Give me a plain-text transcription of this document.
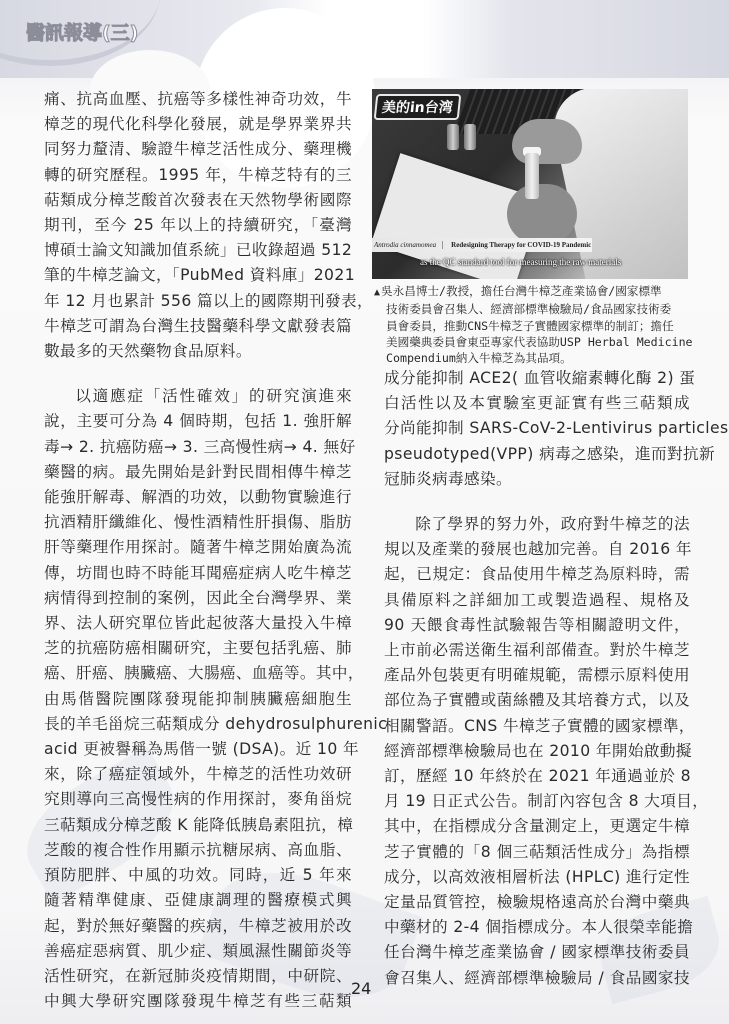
醫訊報導(三)

痛、抗高血壓、抗癌等多樣性神奇功效，牛
樟芝的現代化科學化發展，就是學界業界共
同努力釐清、驗證牛樟芝活性成分、藥理機
轉的研究歷程。1995 年，牛樟芝特有的三
萜類成分樟芝酸首次發表在天然物學術國際
期刊，至今 25 年以上的持續研究，「臺灣
博碩士論文知識加值系統」已收錄超過 512
筆的牛樟芝論文，「PubMed 資料庫」2021
年 12 月也累計 556 篇以上的國際期刊發表，
牛樟芝可謂為台灣生技醫藥科學文獻發表篇
數最多的天然藥物食品原料。

以適應症「活性確效」的研究演進來
說，主要可分為 4 個時期，包括 1. 強肝解
毒→ 2. 抗癌防癌→ 3. 三高慢性病→ 4. 無好
藥醫的病。最先開始是針對民間相傳牛樟芝
能強肝解毒、解酒的功效，以動物實驗進行
抗酒精肝纖維化、慢性酒精性肝損傷、脂肪
肝等藥理作用探討。隨著牛樟芝開始廣為流
傳，坊間也時不時能耳聞癌症病人吃牛樟芝
病情得到控制的案例，因此全台灣學界、業
界、法人研究單位皆此起彼落大量投入牛樟
芝的抗癌防癌相關研究，主要包括乳癌、肺
癌、肝癌、胰臟癌、大腸癌、血癌等。其中，
由馬偕醫院團隊發現能抑制胰臟癌細胞生
長的羊毛甾烷三萜類成分 dehydrosulphurenic
acid 更被譽稱為馬偕一號 (DSA)。近 10 年
來，除了癌症領域外，牛樟芝的活性功效研
究則導向三高慢性病的作用探討，麥角甾烷
三萜類成分樟芝酸 K 能降低胰島素阻抗，樟
芝酸的複合性作用顯示抗糖尿病、高血脂、
預防肥胖、中風的功效。同時，近 5 年來
隨著精準健康、亞健康調理的醫療模式興
起，對於無好藥醫的疾病，牛樟芝被用於改
善癌症惡病質、肌少症、類風濕性關節炎等
活性研究，在新冠肺炎疫情期間，中研院、
中興大學研究團隊發現牛樟芝有些三萜類

美的in台湾
Antrodia cinnamomea Redesigning Therapy for COVID-19 Pandemic
as the QC standard tool for measuring the raw materials
▲吳永昌博士/教授，擔任台灣牛樟芝產業協會/國家標準
技術委員會召集人、經濟部標準檢驗局/食品國家技術委
員會委員，推動CNS牛樟芝子實體國家標準的制訂；擔任
美國藥典委員會東亞專家代表協助USP Herbal Medicine
Compendium納入牛樟芝為其品項。

成分能抑制 ACE2( 血管收縮素轉化酶 2) 蛋
白活性以及本實驗室更証實有些三萜類成
分尚能抑制 SARS-CoV-2-Lentivirus particles
pseudotyped(VPP) 病毒之感染，進而對抗新
冠肺炎病毒感染。

除了學界的努力外，政府對牛樟芝的法
規以及產業的發展也越加完善。自 2016 年
起，已規定：食品使用牛樟芝為原料時，需
具備原料之詳細加工或製造過程、規格及
90 天餵食毒性試驗報告等相關證明文件，
上市前必需送衛生福利部備查。對於牛樟芝
產品外包裝更有明確規範，需標示原料使用
部位為子實體或菌絲體及其培養方式，以及
相關警語。CNS 牛樟芝子實體的國家標準，
經濟部標準檢驗局也在 2010 年開始啟動擬
訂，歷經 10 年終於在 2021 年通過並於 8
月 19 日正式公告。制訂內容包含 8 大項目，
其中，在指標成分含量測定上，更選定牛樟
芝子實體的「8 個三萜類活性成分」為指標
成分，以高效液相層析法 (HPLC) 進行定性
定量品質管控，檢驗規格遠高於台灣中藥典
中藥材的 2-4 個指標成分。本人很榮幸能擔
任台灣牛樟芝產業協會 / 國家標準技術委員
會召集人、經濟部標準檢驗局 / 食品國家技

24
